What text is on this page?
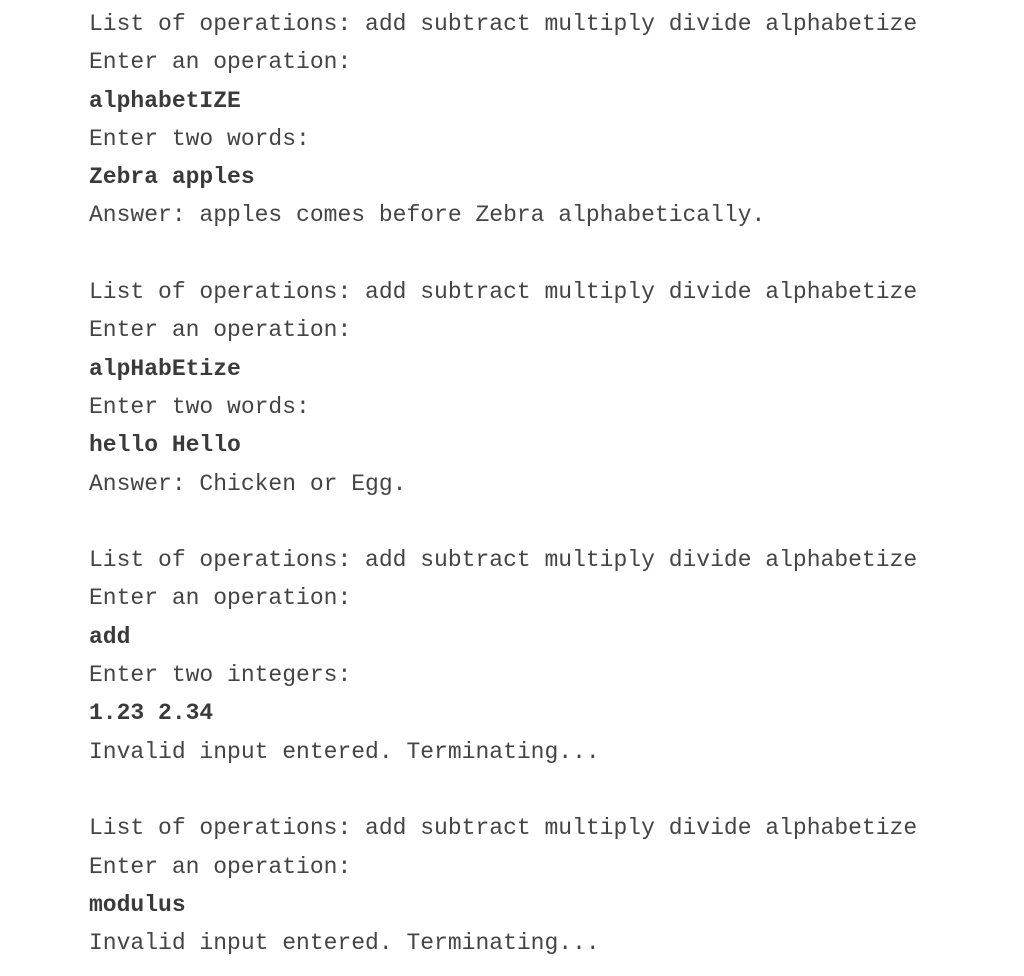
List of operations: add subtract multiply divide alphabetize
Enter an operation:
alphabetIZE
Enter two words:
Zebra apples
Answer: apples comes before Zebra alphabetically.
List of operations: add subtract multiply divide alphabetize
Enter an operation:
alpHabEtize
Enter two words:
hello Hello
Answer: Chicken or Egg.
List of operations: add subtract multiply divide alphabetize
Enter an operation:
add
Enter two integers:
1.23 2.34
Invalid input entered. Terminating...
List of operations: add subtract multiply divide alphabetize
Enter an operation:
modulus
Invalid input entered. Terminating...
